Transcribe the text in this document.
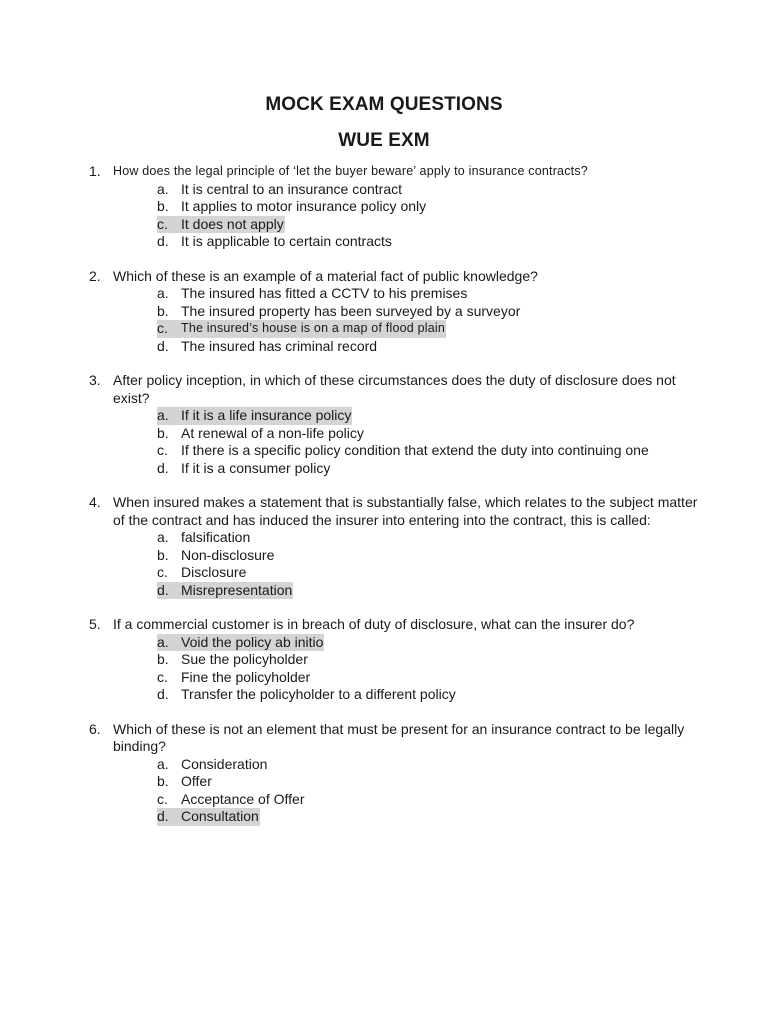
MOCK EXAM QUESTIONS
WUE EXM
1. How does the legal principle of ‘let the buyer beware’ apply to insurance contracts?
a. It is central to an insurance contract
b. It applies to motor insurance policy only
c. It does not apply
d. It is applicable to certain contracts
2. Which of these is an example of a material fact of public knowledge?
a. The insured has fitted a CCTV to his premises
b. The insured property has been surveyed by a surveyor
c.	The insured’s house is on a map of flood plain
d. The insured has criminal record
3. After policy inception, in which of these circumstances does the duty of disclosure does not exist?
a. If it is a life insurance policy
b. At renewal of a non-life policy
c. If there is a specific policy condition that extend the duty into continuing one
d. If it is a consumer policy
4. When insured makes a statement that is substantially false, which relates to the subject matter of the contract and has induced the insurer into entering into the contract, this is called:
a. falsification
b. Non-disclosure
c. Disclosure
d. Misrepresentation
5. If a commercial customer is in breach of duty of disclosure, what can the insurer do?
a. Void the policy ab initio
b. Sue the policyholder
c. Fine the policyholder
d. Transfer the policyholder to a different policy
6. Which of these is not an element that must be present for an insurance contract to be legally binding?
a. Consideration
b. Offer
c. Acceptance of Offer
d. Consultation
